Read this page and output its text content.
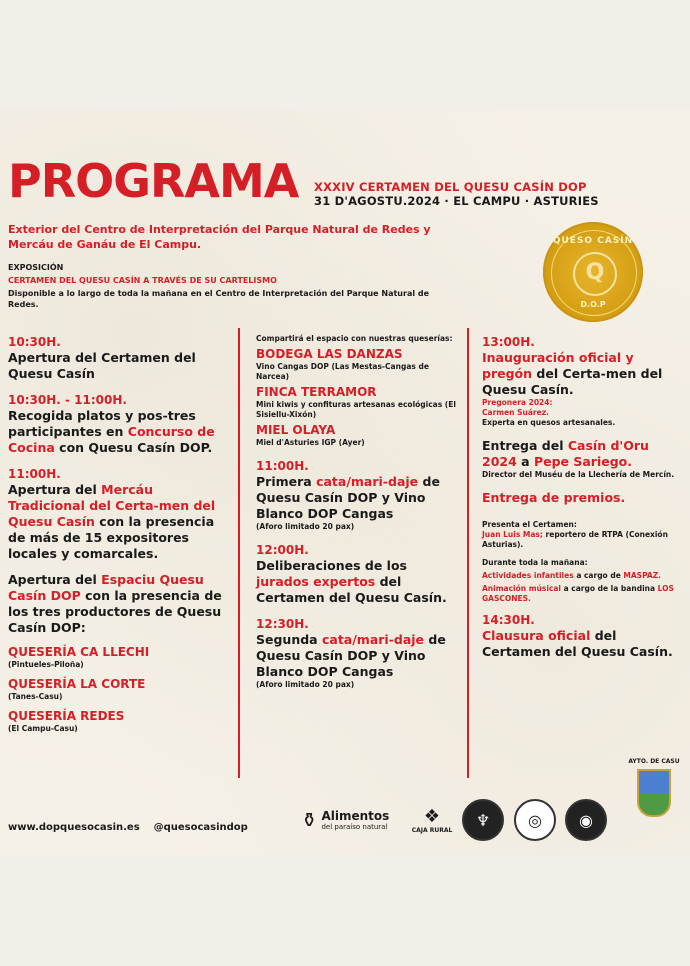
PROGRAMA XXXIV CERTAMEN DEL QUESU CASÍN DOP
31 D'AGOSTU.2024 · EL CAMPU · ASTURIES
Exterior del Centro de Interpretación del Parque Natural de Redes y Mercáu de Ganáu de El Campu.
EXPOSICIÓN
CERTAMEN DEL QUESU CASÍN A TRAVÉS DE SU CARTELISMO
Disponible a lo largo de toda la mañana en el Centro de Interpretación del Parque Natural de Redes.
QUESO CASÍN
Q
D.O.P
10:30H.
Apertura del Certamen del Quesu Casín
10:30H. - 11:00H.
Recogida platos y pos-tres participantes en Concurso de Cocina con Quesu Casín DOP.
11:00H.
Apertura del Mercáu Tradicional del Certa-men del Quesu Casín con la presencia de más de 15 expositores locales y comarcales.
Apertura del Espaciu Quesu Casín DOP con la presencia de los tres productores de Quesu Casín DOP:
QUESERÍA CA LLECHI
(Pintueles-Piloña)
QUESERÍA LA CORTE
(Tanes-Casu)
QUESERÍA REDES
(El Campu-Casu)
Compartirá el espacio con nuestras queserías:
BODEGA LAS DANZAS
Vino Cangas DOP (Las Mestas-Cangas de Narcea)
FINCA TERRAMOR
Mini kiwis y confituras artesanas ecológicas (El Sisiellu-Xixón)
MIEL OLAYA
Miel d'Asturies IGP (Ayer)
11:00H.
Primera cata/mari-daje de Quesu Casín DOP y Vino Blanco DOP Cangas
(Aforo limitado 20 pax)
12:00H.
Deliberaciones de los jurados expertos del Certamen del Quesu Casín.
12:30H.
Segunda cata/mari-daje de Quesu Casín DOP y Vino Blanco DOP Cangas
(Aforo limitado 20 pax)
13:00H.
Inauguración oficial y pregón del Certa-men del Quesu Casín.
Pregonera 2024:
Carmen Suárez.
Experta en quesos artesanales.
Entrega del Casín d'Oru 2024 a Pepe Sariego.
Director del Muséu de la Llechería de Mercín.
Entrega de premios.
Presenta el Certamen:
Juan Luis Mas; reportero de RTPA (Conexión Asturias).
Durante toda la mañana:
Actividades infantiles a cargo de MASPAZ.
Animación músical a cargo de la bandina LOS GASCONES.
14:30H.
Clausura oficial del Certamen del Quesu Casín.
www.dopquesocasin.es @quesocasindop	⚱ Alimentos
del paraíso natural ❖
CAJA RURAL
♆	◎	◉
AYTO. DE CASU
